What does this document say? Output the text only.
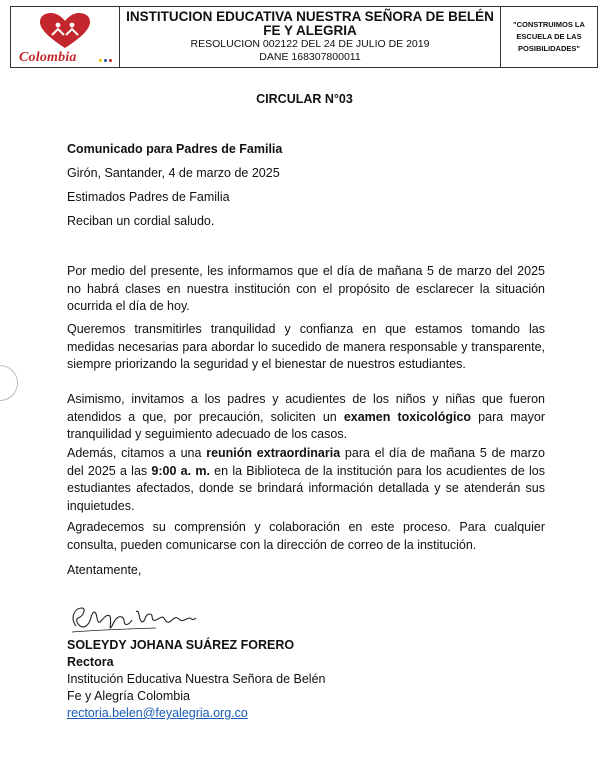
Colombia
INSTITUCION EDUCATIVA NUESTRA SEÑORA DE BELÉN
FE Y ALEGRIA
RESOLUCION 002122 DEL 24 DE JULIO DE 2019
DANE 168307800011
"CONSTRUIMOS LA
ESCUELA DE LAS
POSIBILIDADES"
CIRCULAR N°03
Comunicado para Padres de Familia
Girón, Santander, 4 de marzo de 2025
Estimados Padres de Familia
Reciban un cordial saludo.
Por medio del presente, les informamos que el día de mañana 5 de marzo del 2025 no habrá clases en nuestra institución con el propósito de esclarecer la situación ocurrida el día de hoy.
Queremos transmitirles tranquilidad y confianza en que estamos tomando las medidas necesarias para abordar lo sucedido de manera responsable y transparente, siempre priorizando la seguridad y el bienestar de nuestros estudiantes.
Asimismo, invitamos a los padres y acudientes de los niños y niñas que fueron atendidos a que, por precaución, soliciten un examen toxicológico para mayor tranquilidad y seguimiento adecuado de los casos.
Además, citamos a una reunión extraordinaria para el día de mañana 5 de marzo del 2025 a las 9:00 a. m. en la Biblioteca de la institución para los acudientes de los estudiantes afectados, donde se brindará información detallada y se atenderán sus inquietudes.
Agradecemos su comprensión y colaboración en este proceso. Para cualquier consulta, pueden comunicarse con la dirección de correo de la institución.
Atentamente,
SOLEYDY JOHANA SUÁREZ FORERO
Rectora
Institución Educativa Nuestra Señora de Belén
Fe y Alegría Colombia
rectoria.belen@feyalegria.org.co
